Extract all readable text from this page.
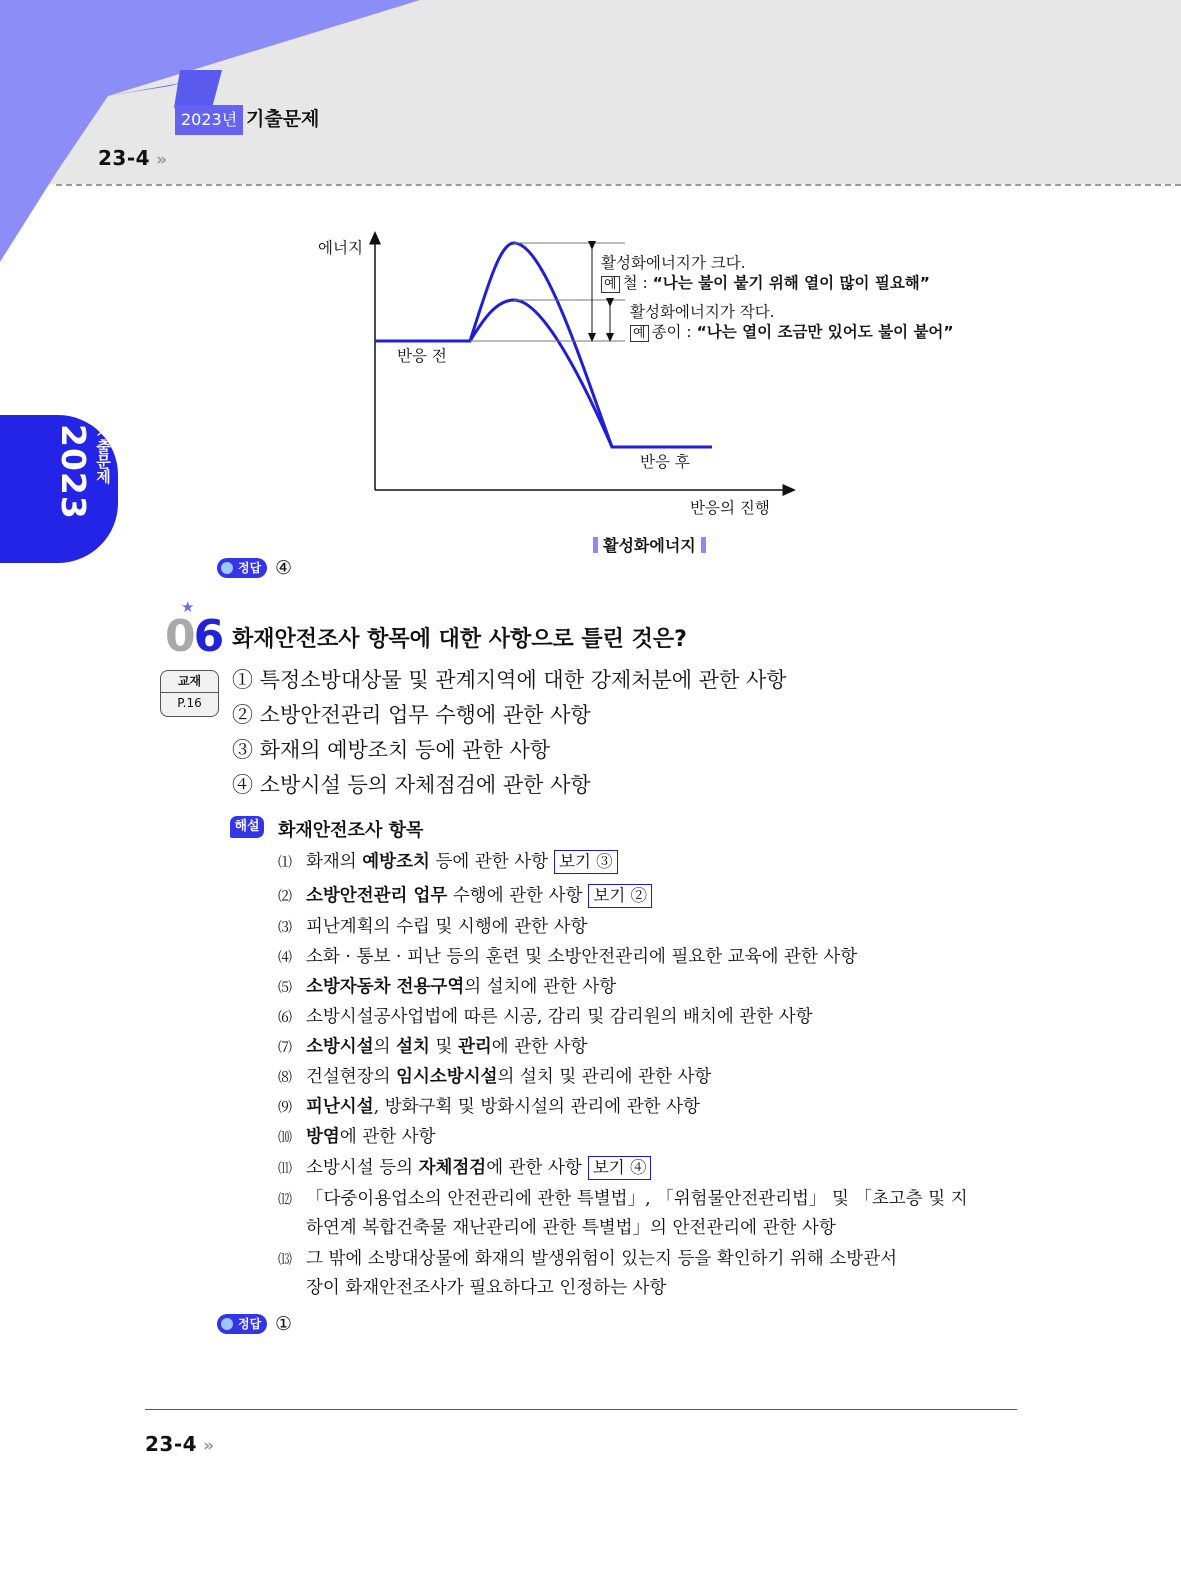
2023년 기출문제
23-4 »
기출문제 2023
에너지
반응 전
반응 후
반응의 진행
활성화에너지가 크다.
예 철 : “나는 불이 붙기 위해 열이 많이 필요해”
활성화에너지가 작다.
예 종이 : “나는 열이 조금만 있어도 불이 붙어”
활성화에너지
정답 ④
★
06 화재안전조사 항목에 대한 사항으로 틀린 것은?
교재
P.16
① 특정소방대상물 및 관계지역에 대한 강제처분에 관한 사항
② 소방안전관리 업무 수행에 관한 사항
③ 화재의 예방조치 등에 관한 사항
④ 소방시설 등의 자체점검에 관한 사항
해설 화재안전조사 항목
⑴ 화재의 예방조치 등에 관한 사항 보기 ③
⑵ 소방안전관리 업무 수행에 관한 사항 보기 ②
⑶ 피난계획의 수립 및 시행에 관한 사항
⑷ 소화 · 통보 · 피난 등의 훈련 및 소방안전관리에 필요한 교육에 관한 사항
⑸ 소방자동차 전용구역의 설치에 관한 사항
⑹ 소방시설공사업법에 따른 시공, 감리 및 감리원의 배치에 관한 사항
⑺ 소방시설의 설치 및 관리에 관한 사항
⑻ 건설현장의 임시소방시설의 설치 및 관리에 관한 사항
⑼ 피난시설, 방화구획 및 방화시설의 관리에 관한 사항
⑽ 방염에 관한 사항
⑾ 소방시설 등의 자체점검에 관한 사항 보기 ④
⑿ 「다중이용업소의 안전관리에 관한 특별법」, 「위험물안전관리법」 및 「초고층 및 지
하연계 복합건축물 재난관리에 관한 특별법」의 안전관리에 관한 사항
⒀ 그 밖에 소방대상물에 화재의 발생위험이 있는지 등을 확인하기 위해 소방관서
장이 화재안전조사가 필요하다고 인정하는 사항
정답 ①
23-4 »
